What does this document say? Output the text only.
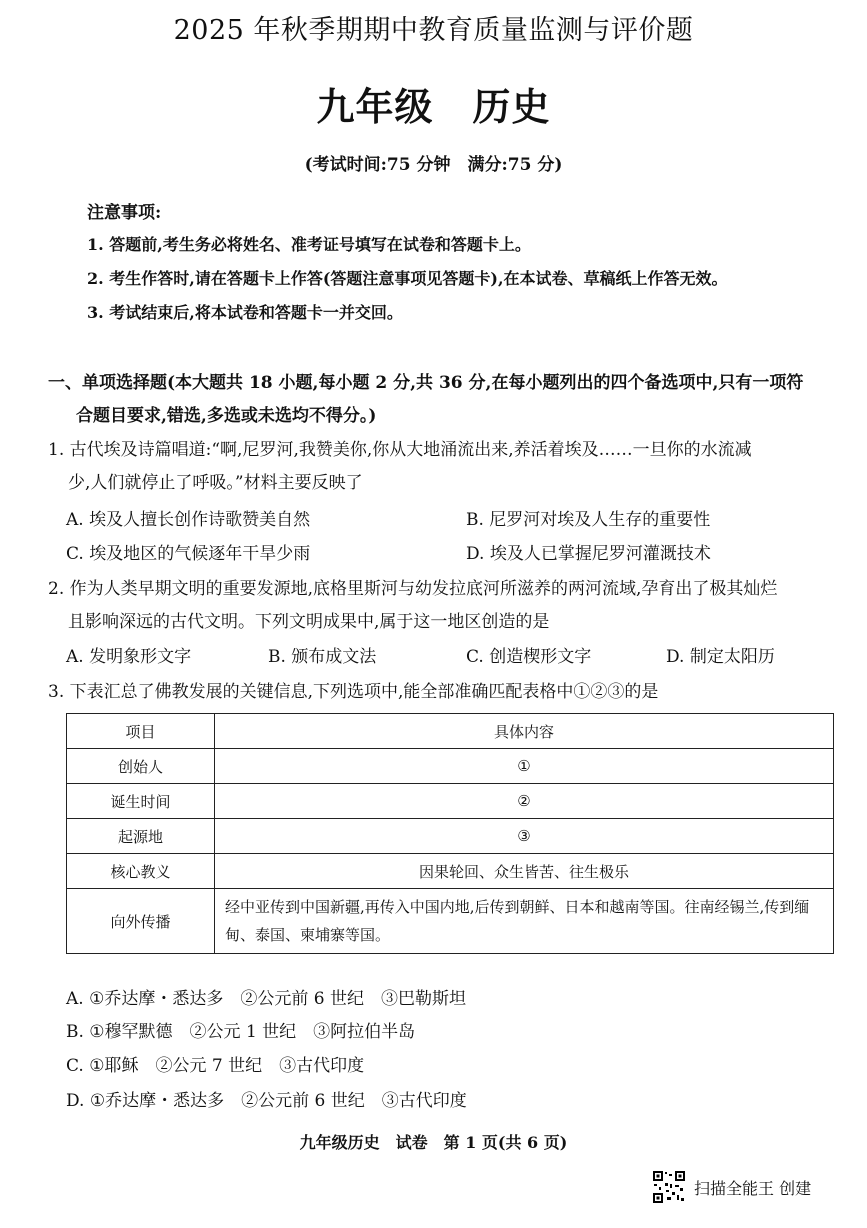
2025 年秋季期期中教育质量监测与评价题
九年级　历史
(考试时间:75 分钟　满分:75 分)
注意事项:
1. 答题前,考生务必将姓名、准考证号填写在试卷和答题卡上。
2. 考生作答时,请在答题卡上作答(答题注意事项见答题卡),在本试卷、草稿纸上作答无效。
3. 考试结束后,将本试卷和答题卡一并交回。
一、单项选择题(本大题共 18 小题,每小题 2 分,共 36 分,在每小题列出的四个备选项中,只有一项符
合题目要求,错选,多选或未选均不得分。)
1. 古代埃及诗篇唱道:“啊,尼罗河,我赞美你,你从大地涌流出来,养活着埃及……一旦你的水流减
少,人们就停止了呼吸。”材料主要反映了
A. 埃及人擅长创作诗歌赞美自然	B. 尼罗河对埃及人生存的重要性
C. 埃及地区的气候逐年干旱少雨	D. 埃及人已掌握尼罗河灌溉技术
2. 作为人类早期文明的重要发源地,底格里斯河与幼发拉底河所滋养的两河流域,孕育出了极其灿烂
且影响深远的古代文明。下列文明成果中,属于这一地区创造的是
A. 发明象形文字	B. 颁布成文法	C. 创造楔形文字	D. 制定太阳历
3. 下表汇总了佛教发展的关键信息,下列选项中,能全部准确匹配表格中①②③的是
项目	具体内容
创始人	①
诞生时间	②
起源地	③
核心教义	因果轮回、众生皆苦、往生极乐
向外传播	经中亚传到中国新疆,再传入中国内地,后传到朝鲜、日本和越南等国。往南经锡兰,传到缅甸、泰国、柬埔寨等国。
A. ①乔达摩・悉达多　②公元前 6 世纪　③巴勒斯坦
B. ①穆罕默德　②公元 1 世纪　③阿拉伯半岛
C. ①耶稣　②公元 7 世纪　③古代印度
D. ①乔达摩・悉达多　②公元前 6 世纪　③古代印度
九年级历史　试卷　第 1 页(共 6 页)
扫描全能王 创建
